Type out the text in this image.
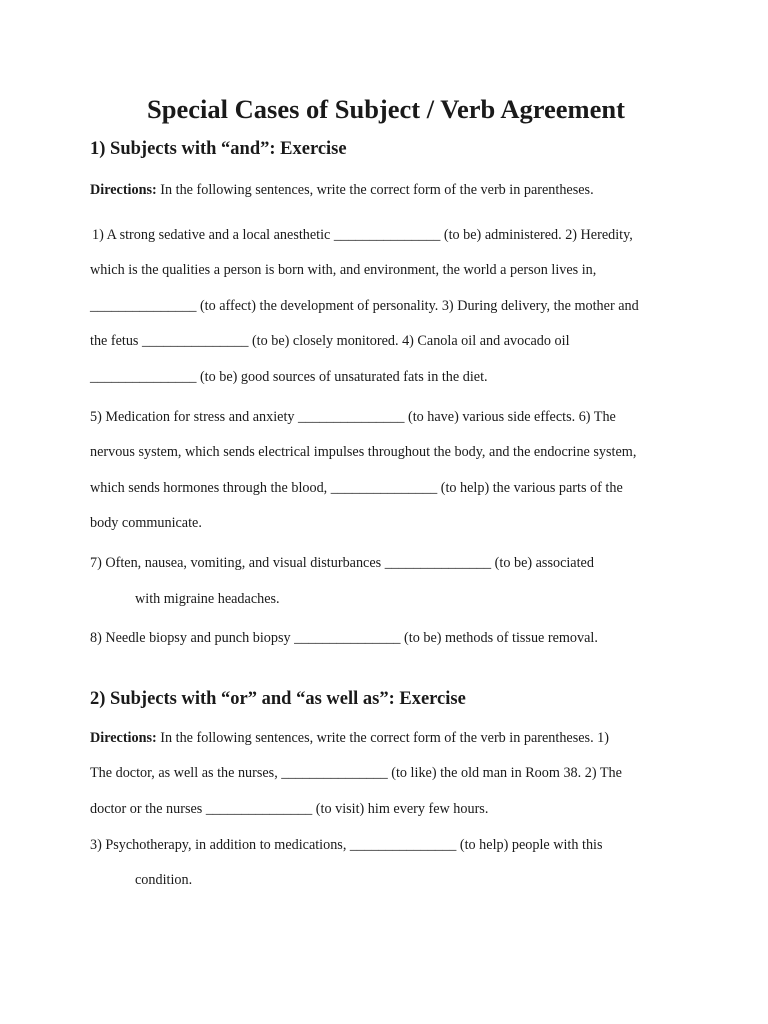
Special Cases of Subject / Verb Agreement
1) Subjects with “and”: Exercise

Directions: In the following sentences, write the correct form of the verb in parentheses.

1) A strong sedative and a local anesthetic _______________ (to be) administered. 2) Heredity,
which is the qualities a person is born with, and environment, the world a person lives in,
_______________ (to affect) the development of personality. 3) During delivery, the mother and
the fetus _______________ (to be) closely monitored. 4) Canola oil and avocado oil
_______________ (to be) good sources of unsaturated fats in the diet.

5) Medication for stress and anxiety _______________ (to have) various side effects. 6) The
nervous system, which sends electrical impulses throughout the body, and the endocrine system,
which sends hormones through the blood, _______________ (to help) the various parts of the
body communicate.

7) Often, nausea, vomiting, and visual disturbances _______________ (to be) associated
with migraine headaches.

8) Needle biopsy and punch biopsy _______________ (to be) methods of tissue removal.

2) Subjects with “or” and “as well as”: Exercise

Directions: In the following sentences, write the correct form of the verb in parentheses. 1)
The doctor, as well as the nurses, _______________ (to like) the old man in Room 38. 2) The
doctor or the nurses _______________ (to visit) him every few hours.
3) Psychotherapy, in addition to medications, _______________ (to help) people with this
condition.
